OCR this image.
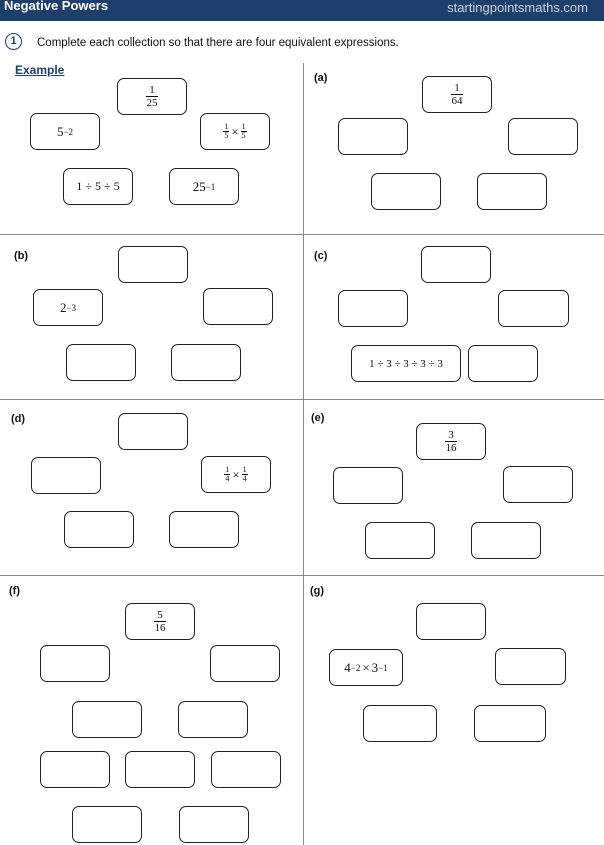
Negative Powers	startingpointsmaths.com
1	Complete each collection so that there are four equivalent expressions.
Example
$\frac{1}{25}$
5 −2	$\frac{1}{5} \times \frac{1}{5}$
1 ÷ 5 ÷ 5	25 −1
(a)
$\frac{1}{64}$
(b)
2 −3
(c)
1 ÷ 3 ÷ 3 ÷ 3 ÷ 3
(d)
$\frac{1}{4} \times \frac{1}{4}$
(e)
$\frac{3}{16}$
(f)
$\frac{5}{16}$
(g)
4 −2 × 3 −1
